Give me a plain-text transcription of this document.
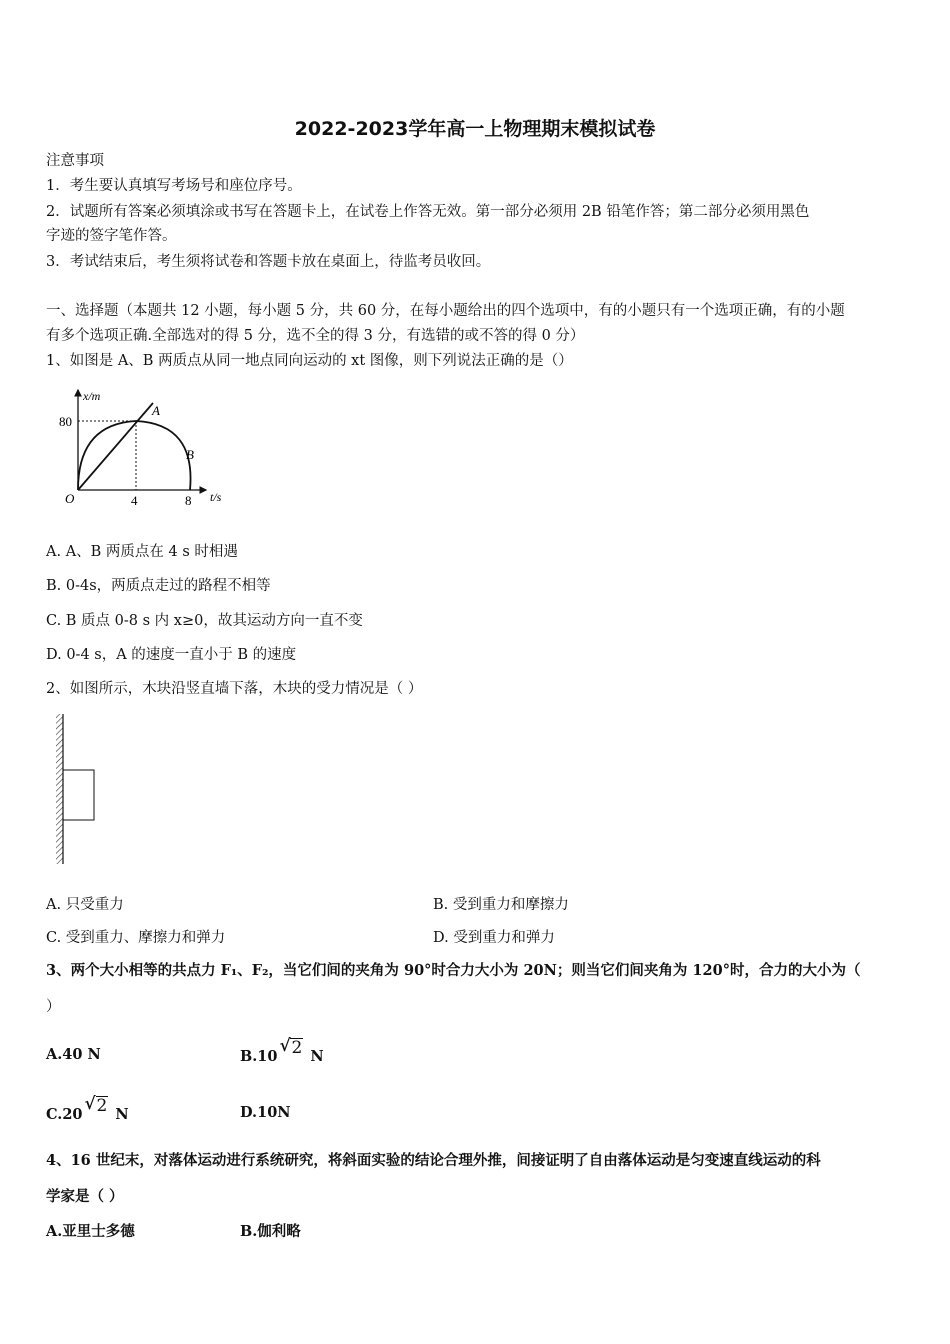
2022-2023学年高一上物理期末模拟试卷
注意事项
1．考生要认真填写考场号和座位序号。
2．试题所有答案必须填涂或书写在答题卡上，在试卷上作答无效。第一部分必须用 2B 铅笔作答；第二部分必须用黑色
字迹的签字笔作答。
3．考试结束后，考生须将试卷和答题卡放在桌面上，待监考员收回。
一、选择题（本题共 12 小题，每小题 5 分，共 60 分，在每小题给出的四个选项中，有的小题只有一个选项正确，有的小题
有多个选项正确.全部选对的得 5 分，选不全的得 3 分，有选错的或不答的得 0 分）
1、如图是 A、B 两质点从同一地点同向运动的 xt 图像，则下列说法正确的是（）
x/m
80
4	8
O	t/s
A
B
A. A、B 两质点在 4 s 时相遇
B. 0-4s，两质点走过的路程不相等
C. B 质点 0-8 s 内 x≥0，故其运动方向一直不变
D. 0-4 s，A 的速度一直小于 B 的速度
2、如图所示，木块沿竖直墙下落，木块的受力情况是（ ）
A. 只受重力	B. 受到重力和摩擦力
C. 受到重力、摩擦力和弹力	D. 受到重力和弹力
3、两个大小相等的共点力 F₁、F₂，当它们间的夹角为 90°时合力大小为 20N；则当它们间夹角为 120°时，合力的大小为（
）
A.40 N	B.10
√ 2 N
C.20
√ 2 N	D.10N
4、16 世纪末，对落体运动进行系统研究，将斜面实验的结论合理外推，间接证明了自由落体运动是匀变速直线运动的科
学家是（ ）
A.亚里士多德	B.伽利略
